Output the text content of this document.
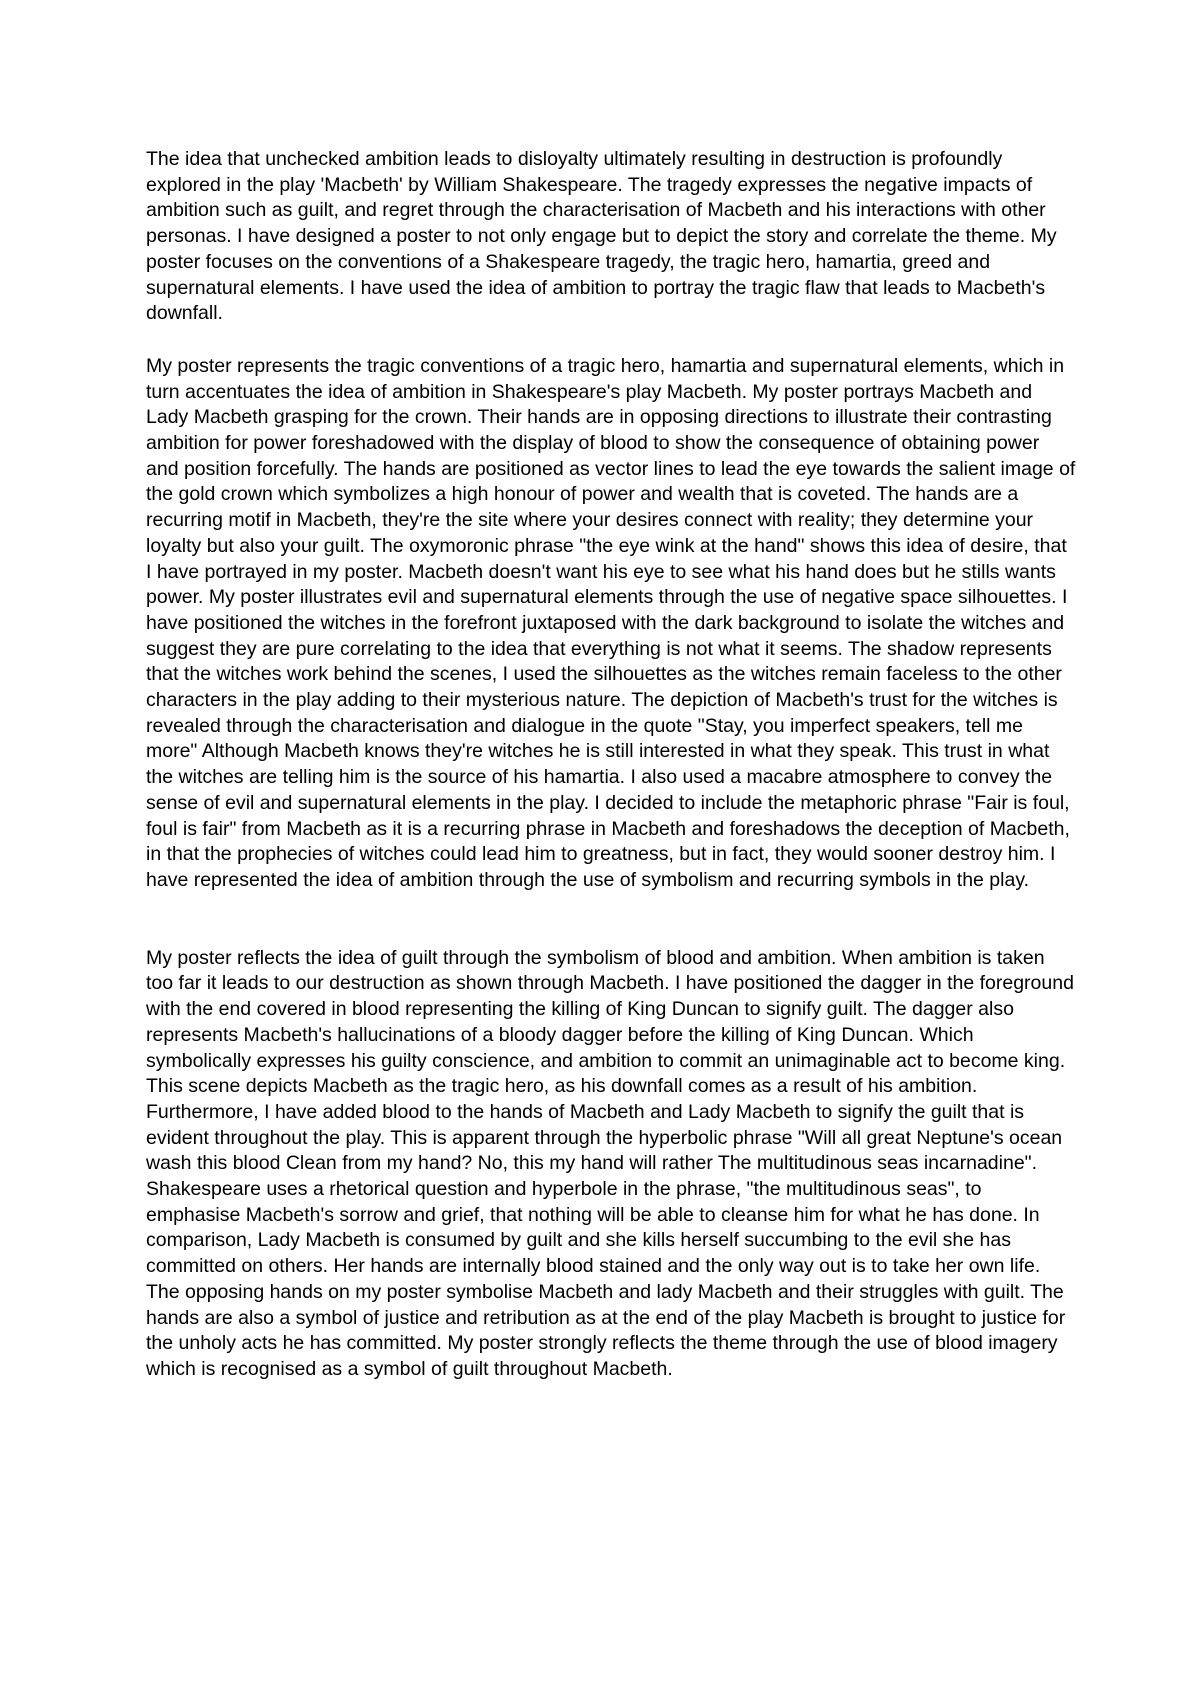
The idea that unchecked ambition leads to disloyalty ultimately resulting in destruction is profoundly explored in the play 'Macbeth' by William Shakespeare. The tragedy expresses the negative impacts of ambition such as guilt, and regret through the characterisation of Macbeth and his interactions with other personas. I have designed a poster to not only engage but to depict the story and correlate the theme. My poster focuses on the conventions of a Shakespeare tragedy, the tragic hero, hamartia, greed and supernatural elements. I have used the idea of ambition to portray the tragic flaw that leads to Macbeth's downfall.

My poster represents the tragic conventions of a tragic hero, hamartia and supernatural elements, which in turn accentuates the idea of ambition in Shakespeare's play Macbeth. My poster portrays Macbeth and Lady Macbeth grasping for the crown. Their hands are in opposing directions to illustrate their contrasting ambition for power foreshadowed with the display of blood to show the consequence of obtaining power and position forcefully. The hands are positioned as vector lines to lead the eye towards the salient image of the gold crown which symbolizes a high honour of power and wealth that is coveted. The hands are a recurring motif in Macbeth, they're the site where your desires connect with reality; they determine your loyalty but also your guilt. The oxymoronic phrase "the eye wink at the hand" shows this idea of desire, that I have portrayed in my poster. Macbeth doesn't want his eye to see what his hand does but he stills wants power. My poster illustrates evil and supernatural elements through the use of negative space silhouettes. I have positioned the witches in the forefront juxtaposed with the dark background to isolate the witches and suggest they are pure correlating to the idea that everything is not what it seems. The shadow represents that the witches work behind the scenes, I used the silhouettes as the witches remain faceless to the other characters in the play adding to their mysterious nature. The depiction of Macbeth's trust for the witches is revealed through the characterisation and dialogue in the quote "Stay, you imperfect speakers, tell me more" Although Macbeth knows they're witches he is still interested in what they speak. This trust in what the witches are telling him is the source of his hamartia. I also used a macabre atmosphere to convey the sense of evil and supernatural elements in the play. I decided to include the metaphoric phrase "Fair is foul, foul is fair" from Macbeth as it is a recurring phrase in Macbeth and foreshadows the deception of Macbeth, in that the prophecies of witches could lead him to greatness, but in fact, they would sooner destroy him. I have represented the idea of ambition through the use of symbolism and recurring symbols in the play.

My poster reflects the idea of guilt through the symbolism of blood and ambition. When ambition is taken too far it leads to our destruction as shown through Macbeth. I have positioned the dagger in the foreground with the end covered in blood representing the killing of King Duncan to signify guilt. The dagger also represents Macbeth's hallucinations of a bloody dagger before the killing of King Duncan. Which symbolically expresses his guilty conscience, and ambition to commit an unimaginable act to become king. This scene depicts Macbeth as the tragic hero, as his downfall comes as a result of his ambition. Furthermore, I have added blood to the hands of Macbeth and Lady Macbeth to signify the guilt that is evident throughout the play. This is apparent through the hyperbolic phrase "Will all great Neptune's ocean wash this blood Clean from my hand? No, this my hand will rather The multitudinous seas incarnadine". Shakespeare uses a rhetorical question and hyperbole in the phrase, "the multitudinous seas", to emphasise Macbeth's sorrow and grief, that nothing will be able to cleanse him for what he has done. In comparison, Lady Macbeth is consumed by guilt and she kills herself succumbing to the evil she has committed on others. Her hands are internally blood stained and the only way out is to take her own life. The opposing hands on my poster symbolise Macbeth and lady Macbeth and their struggles with guilt. The hands are also a symbol of justice and retribution as at the end of the play Macbeth is brought to justice for the unholy acts he has committed. My poster strongly reflects the theme through the use of blood imagery which is recognised as a symbol of guilt throughout Macbeth.
